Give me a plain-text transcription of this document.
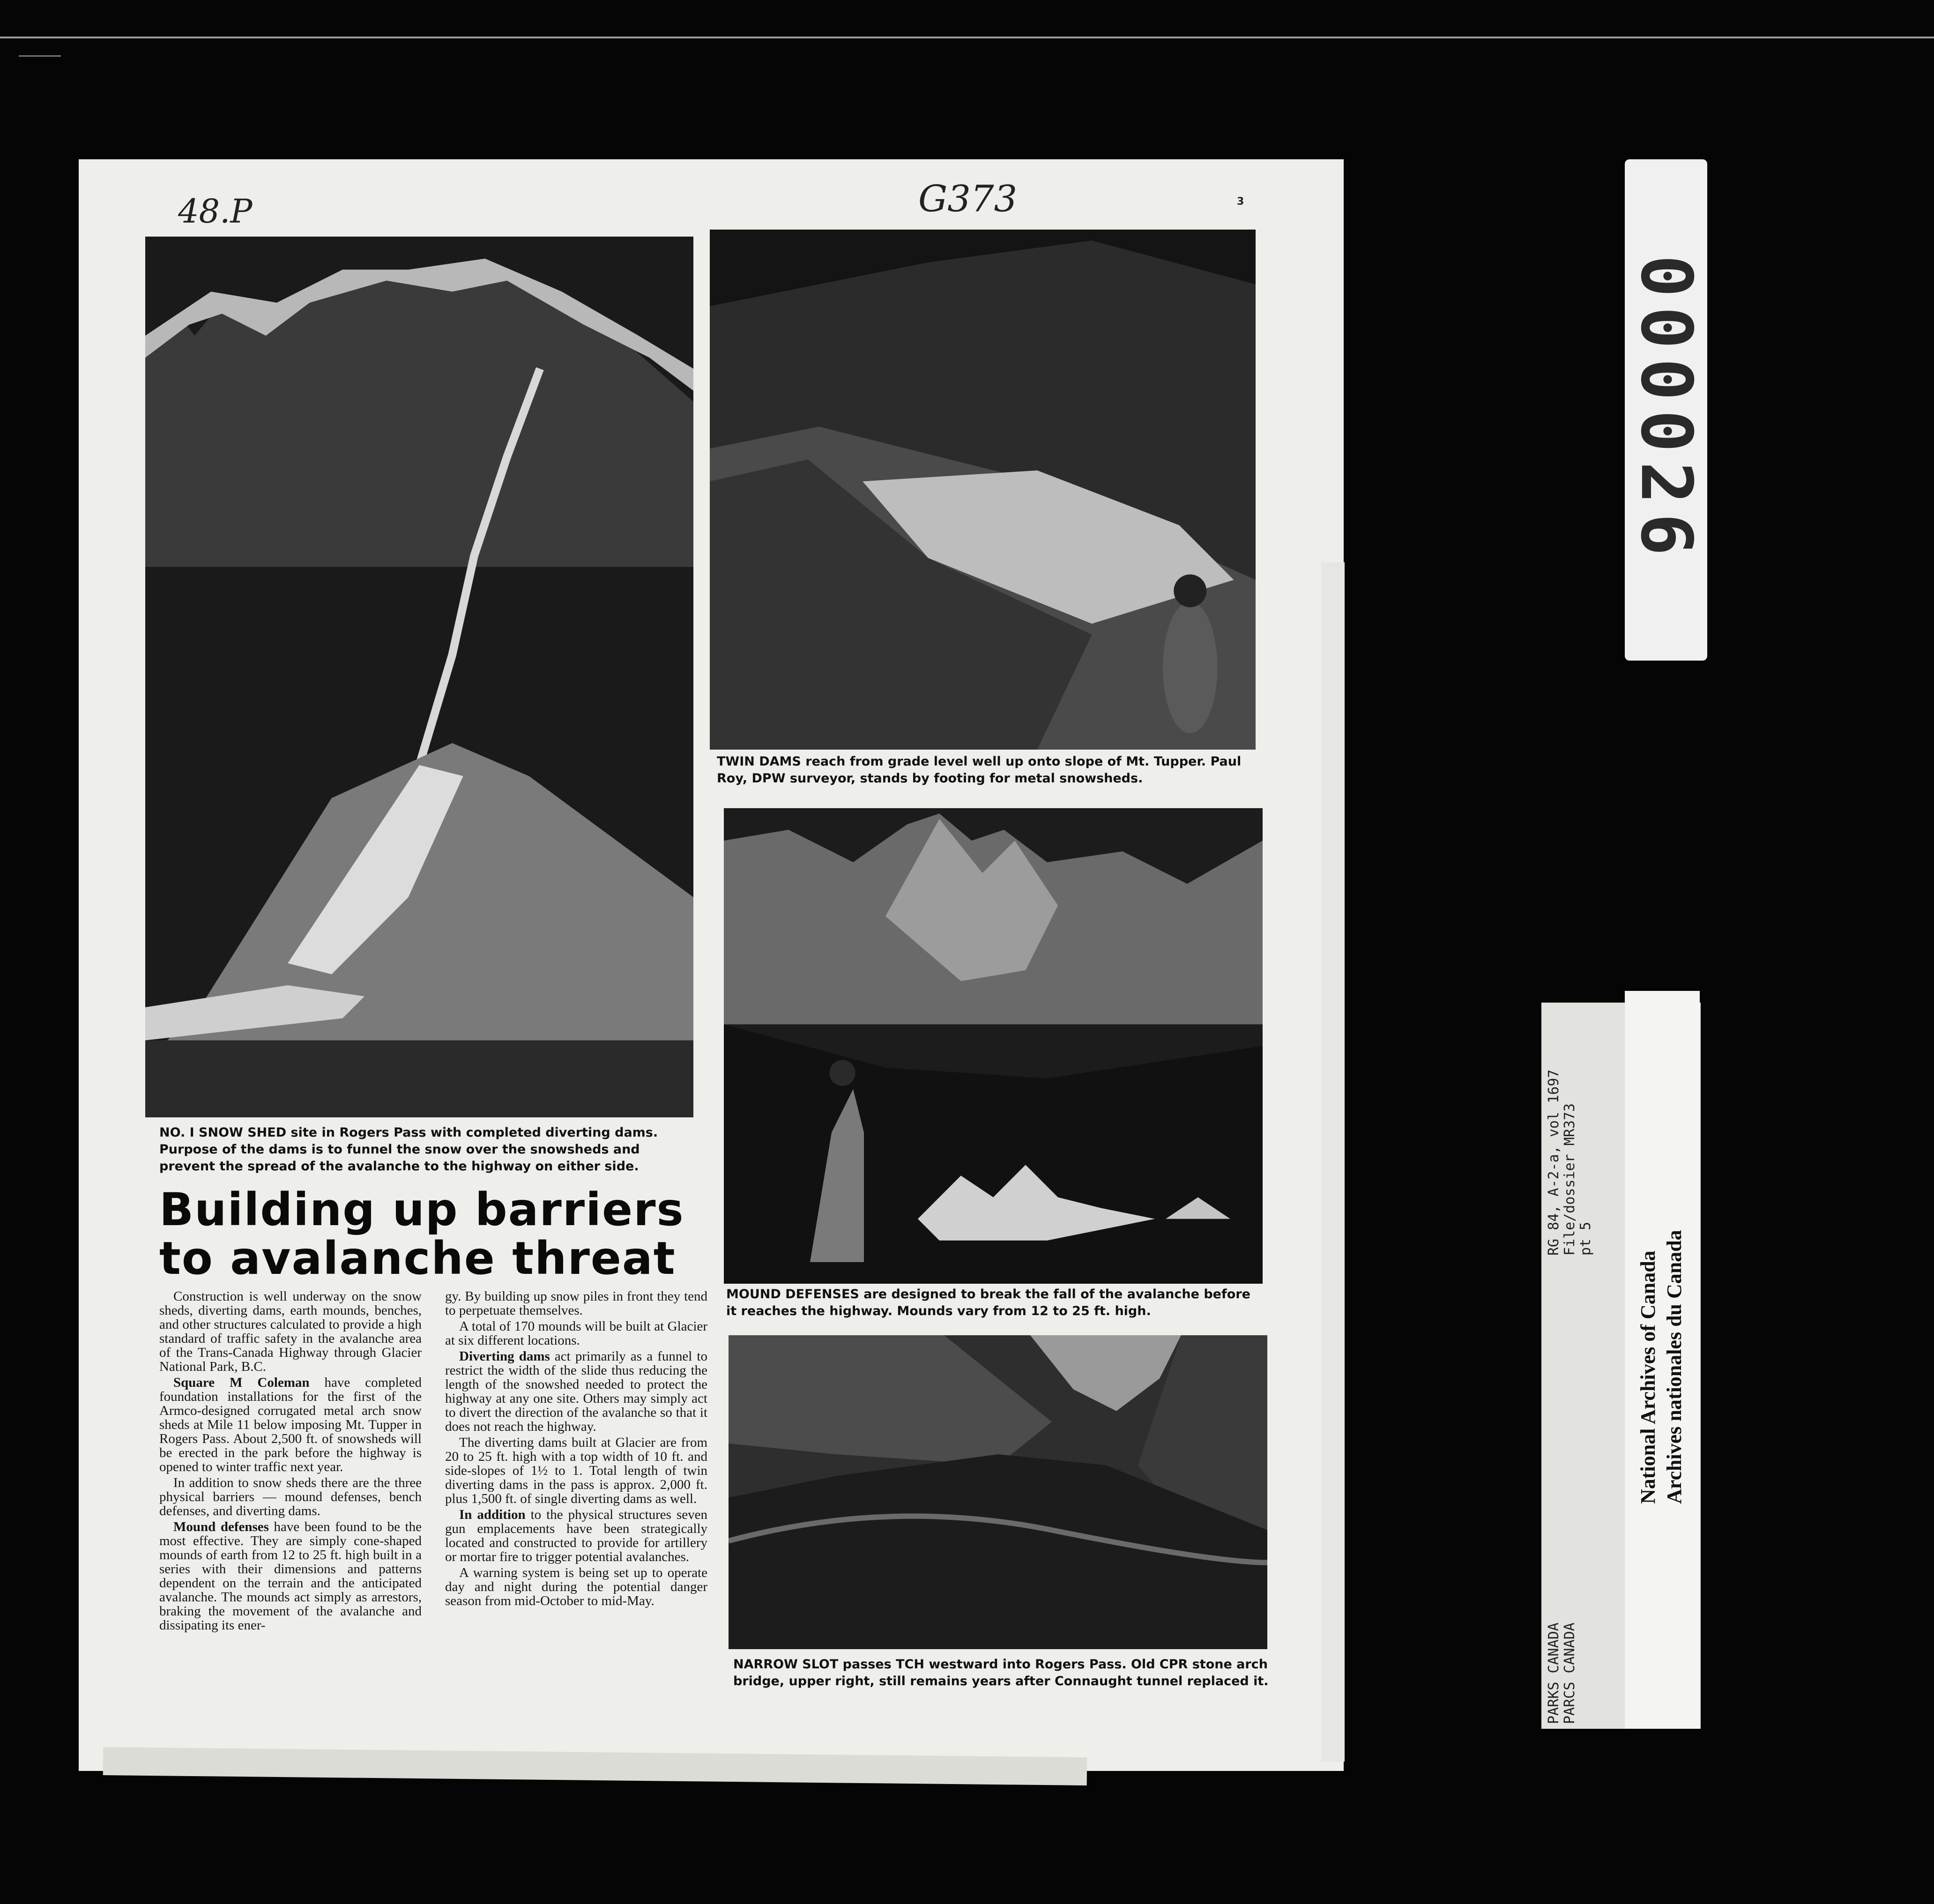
48.P	G373	3
NO. I SNOW SHED site in Rogers Pass with completed diverting dams. Purpose of the dams is to funnel the snow over the snowsheds and prevent the spread of the avalanche to the highway on either side.
TWIN DAMS reach from grade level well up onto slope of Mt. Tupper. Paul Roy, DPW surveyor, stands by footing for metal snowsheds.
MOUND DEFENSES are designed to break the fall of the avalanche before it reaches the highway. Mounds vary from 12 to 25 ft. high.
NARROW SLOT passes TCH westward into Rogers Pass. Old CPR stone arch bridge, upper right, still remains years after Connaught tunnel replaced it.
Building up barriers
to avalanche threat

Construction is well underway on the snow sheds, diverting dams, earth mounds, benches, and other structures calculated to provide a high standard of traffic safety in the avalanche area of the Trans-Canada Highway through Glacier National Park, B.C.

Square M Coleman have completed foundation installations for the first of the Armco-designed corrugated metal arch snow sheds at Mile 11 below imposing Mt. Tupper in Rogers Pass. About 2,500 ft. of snowsheds will be erected in the park before the highway is opened to winter traffic next year.

In addition to snow sheds there are the three physical barriers — mound defenses, bench defenses, and diverting dams.

Mound defenses have been found to be the most effective. They are simply cone-shaped mounds of earth from 12 to 25 ft. high built in a series with their dimensions and patterns dependent on the terrain and the anticipated avalanche. The mounds act simply as arrestors, braking the movement of the avalanche and dissipating its ener-

gy. By building up snow piles in front they tend to perpetuate themselves.

A total of 170 mounds will be built at Glacier at six different locations.

Diverting dams act primarily as a funnel to restrict the width of the slide thus reducing the length of the snowshed needed to protect the highway at any one site. Others may simply act to divert the direction of the avalanche so that it does not reach the highway.

The diverting dams built at Glacier are from 20 to 25 ft. high with a top width of 10 ft. and side-slopes of 1½ to 1. Total length of twin diverting dams in the pass is approx. 2,000 ft. plus 1,500 ft. of single diverting dams as well.

In addition to the physical structures seven gun emplacements have been strategically located and constructed to provide for artillery or mortar fire to trigger potential avalanches.

A warning system is being set up to operate day and night during the potential danger season from mid-October to mid-May.

000026
RG 84, A-2-a, vol 1697 File/dossier MR373 pt 5
PARKS CANADA PARCS CANADA
National Archives of Canada Archives nationales du Canada
